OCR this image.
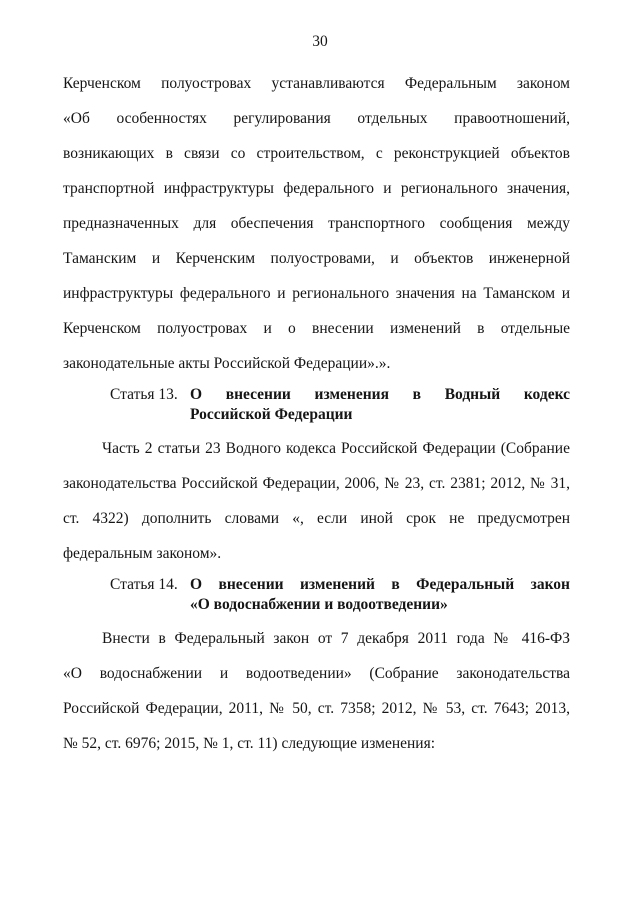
30
Керченском полуостровах устанавливаются Федеральным законом
«Об особенностях регулирования отдельных правоотношений,
возникающих в связи со строительством, с реконструкцией объектов
транспортной инфраструктуры федерального и регионального значения,
предназначенных для обеспечения транспортного сообщения между
Таманским и Керченским полуостровами, и объектов инженерной
инфраструктуры федерального и регионального значения на Таманском и
Керченском полуостровах и о внесении изменений в отдельные
законодательные акты Российской Федерации».».
Статья 13. О внесении изменения в Водный кодекс
Российской Федерации
Часть 2 статьи 23 Водного кодекса Российской Федерации (Собрание
законодательства Российской Федерации, 2006, № 23, ст. 2381; 2012, № 31,
ст. 4322) дополнить словами «, если иной срок не предусмотрен
федеральным законом».
Статья 14. О внесении изменений в Федеральный закон
«О водоснабжении и водоотведении»
Внести в Федеральный закон от 7 декабря 2011 года № 416-ФЗ
«О водоснабжении и водоотведении» (Собрание законодательства
Российской Федерации, 2011, № 50, ст. 7358; 2012, № 53, ст. 7643; 2013,
№ 52, ст. 6976; 2015, № 1, ст. 11) следующие изменения:
